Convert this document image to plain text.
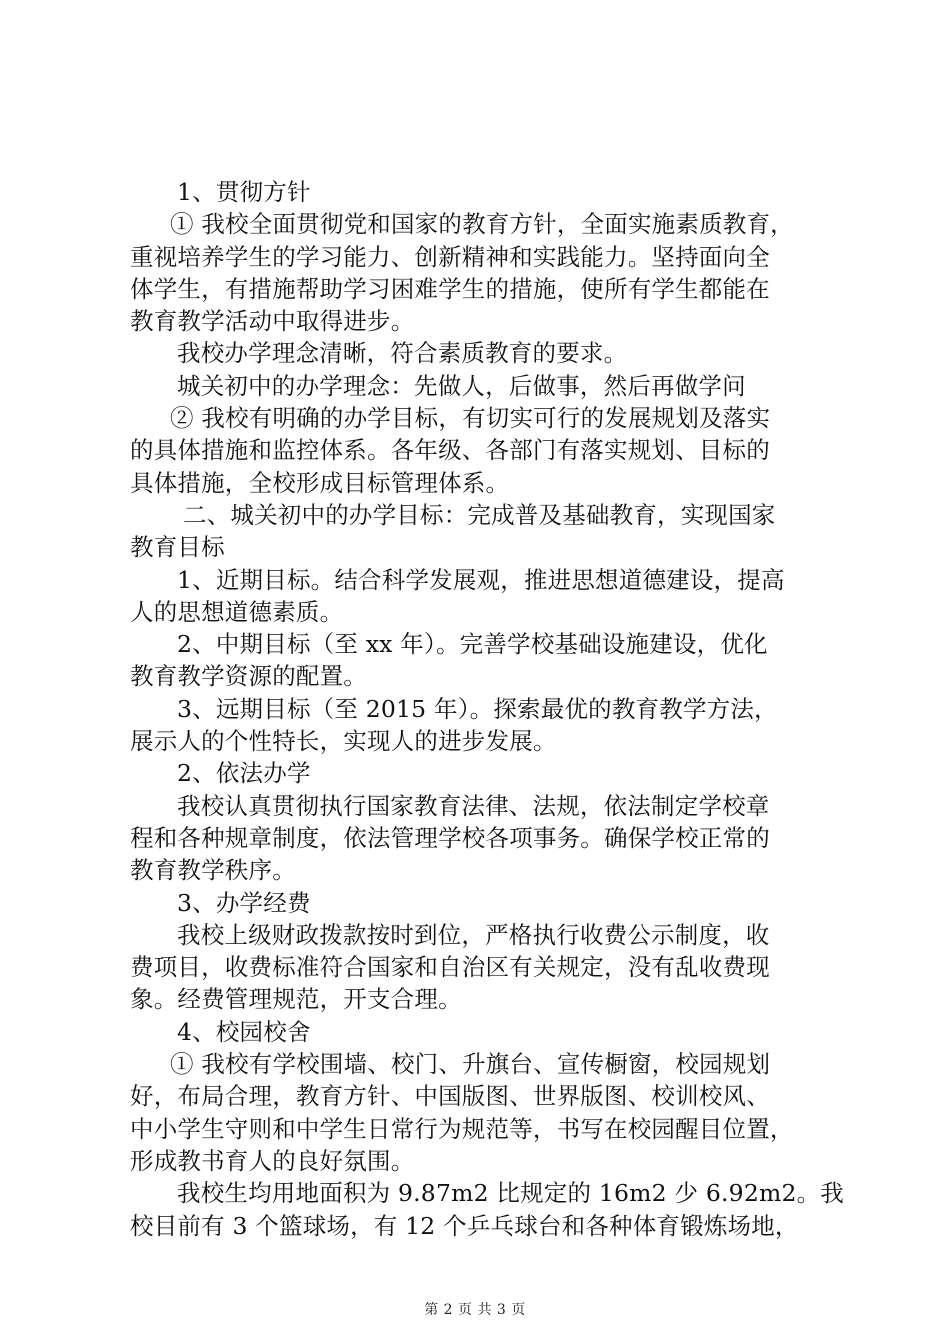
1、贯彻方针
① 我校全面贯彻党和国家的教育方针，全面实施素质教育，
重视培养学生的学习能力、创新精神和实践能力。坚持面向全
体学生，有措施帮助学习困难学生的措施，使所有学生都能在
教育教学活动中取得进步。
我校办学理念清晰，符合素质教育的要求。
城关初中的办学理念：先做人，后做事，然后再做学问
② 我校有明确的办学目标，有切实可行的发展规划及落实
的具体措施和监控体系。各年级、各部门有落实规划、目标的
具体措施，全校形成目标管理体系。
二、城关初中的办学目标：完成普及基础教育，实现国家
教育目标
1、近期目标。结合科学发展观，推进思想道德建设，提高
人的思想道德素质。
2、中期目标（至 xx 年）。完善学校基础设施建设，优化
教育教学资源的配置。
3、远期目标（至 2015 年）。探索最优的教育教学方法，
展示人的个性特长，实现人的进步发展。
2、依法办学
我校认真贯彻执行国家教育法律、法规，依法制定学校章
程和各种规章制度，依法管理学校各项事务。确保学校正常的
教育教学秩序。
3、办学经费
我校上级财政拨款按时到位，严格执行收费公示制度，收
费项目，收费标准符合国家和自治区有关规定，没有乱收费现
象。经费管理规范，开支合理。
4、校园校舍
① 我校有学校围墙、校门、升旗台、宣传橱窗，校园规划
好，布局合理，教育方针、中国版图、世界版图、校训校风、
中小学生守则和中学生日常行为规范等，书写在校园醒目位置，
形成教书育人的良好氛围。
我校生均用地面积为 9.87m2 比规定的 16m2 少 6.92m2。我
校目前有 3 个篮球场，有 12 个乒乓球台和各种体育锻炼场地，
第 2 页 共 3 页
